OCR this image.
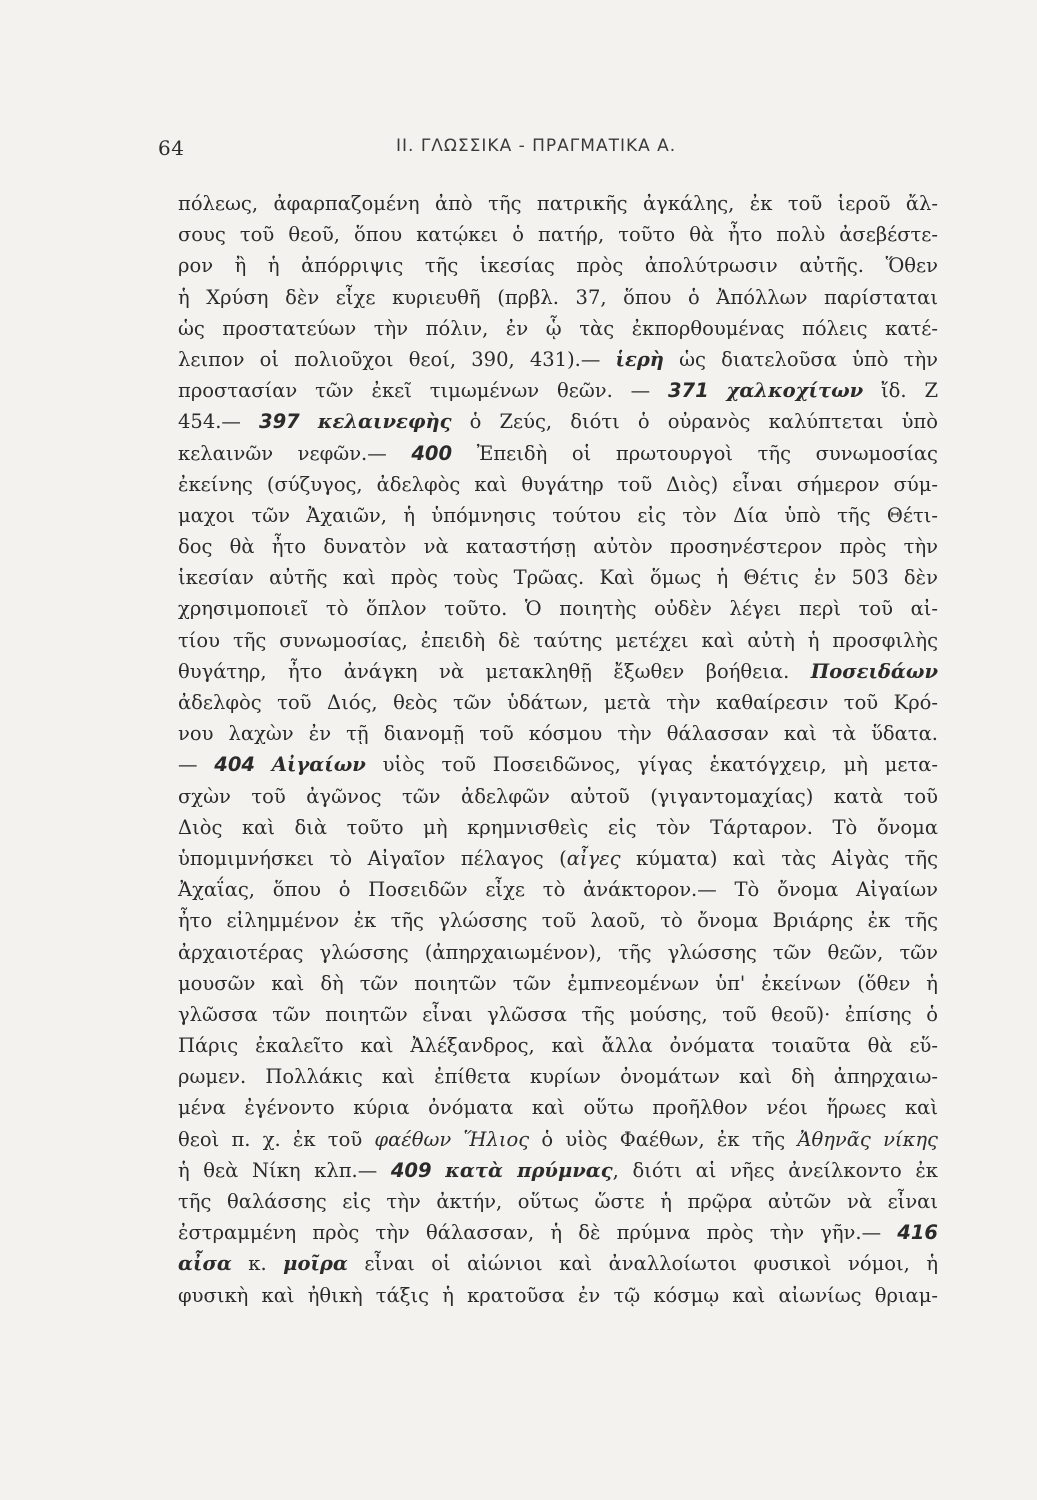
64	II. ΓΛΩΣΣΙΚΑ - ΠΡΑΓΜΑΤΙΚΑ Α.
πόλεως, ἀφαρπαζομένη ἀπὸ τῆς πατρικῆς ἀγκάλης, ἐκ τοῦ ἱεροῦ ἄλ-
σους τοῦ θεοῦ, ὅπου κατῴκει ὁ πατήρ, τοῦτο θὰ ἦτο πολὺ ἀσεβέστε-
ρον ἢ ἡ ἀπόρριψις τῆς ἱκεσίας πρὸς ἀπολύτρωσιν αὐτῆς. Ὅθεν
ἡ Χρύση δὲν εἶχε κυριευθῆ (πρβλ. 37, ὅπου ὁ Ἀπόλλων παρίσταται
ὡς προστατεύων τὴν πόλιν, ἐν ᾧ τὰς ἐκπορθουμένας πόλεις κατέ-
λειπον οἱ πολιοῦχοι θεοί, 390, 431).— ἱερὴ ὡς διατελοῦσα ὑπὸ τὴν
προστασίαν τῶν ἐκεῖ τιμωμένων θεῶν. — 371 χαλκοχίτων ἴδ. Ζ
454.— 397 κελαινεφὴς ὁ Ζεύς, διότι ὁ οὐρανὸς καλύπτεται ὑπὸ
κελαινῶν νεφῶν.— 400 Ἐπειδὴ οἱ πρωτουργοὶ τῆς συνωμοσίας
ἐκείνης (σύζυγος, ἀδελφὸς καὶ θυγάτηρ τοῦ Διὸς) εἶναι σήμερον σύμ-
μαχοι τῶν Ἀχαιῶν, ἡ ὑπόμνησις τούτου εἰς τὸν Δία ὑπὸ τῆς Θέτι-
δος θὰ ἦτο δυνατὸν νὰ καταστήσῃ αὐτὸν προσηνέστερον πρὸς τὴν
ἱκεσίαν αὐτῆς καὶ πρὸς τοὺς Τρῶας. Καὶ ὅμως ἡ Θέτις ἐν 503 δὲν
χρησιμοποιεῖ τὸ ὅπλον τοῦτο. Ὁ ποιητὴς οὐδὲν λέγει περὶ τοῦ αἰ-
τίου τῆς συνωμοσίας, ἐπειδὴ δὲ ταύτης μετέχει καὶ αὐτὴ ἡ προσφιλὴς
θυγάτηρ, ἦτο ἀνάγκη νὰ μετακληθῇ ἔξωθεν βοήθεια. Ποσειδάων
ἀδελφὸς τοῦ Διός, θεὸς τῶν ὑδάτων, μετὰ τὴν καθαίρεσιν τοῦ Κρό-
νου λαχὼν ἐν τῇ διανομῇ τοῦ κόσμου τὴν θάλασσαν καὶ τὰ ὕδατα.
— 404 Αἰγαίων υἱὸς τοῦ Ποσειδῶνος, γίγας ἑκατόγχειρ, μὴ μετα-
σχὼν τοῦ ἀγῶνος τῶν ἀδελφῶν αὐτοῦ (γιγαντομαχίας) κατὰ τοῦ
Διὸς καὶ διὰ τοῦτο μὴ κρημνισθεὶς εἰς τὸν Τάρταρον. Τὸ ὄνομα
ὑπομιμνήσκει τὸ Αἰγαῖον πέλαγος (αἶγες κύματα) καὶ τὰς Αἰγὰς τῆς
Ἀχαΐας, ὅπου ὁ Ποσειδῶν εἶχε τὸ ἀνάκτορον.— Τὸ ὄνομα Αἰγαίων
ἦτο εἰλημμένον ἐκ τῆς γλώσσης τοῦ λαοῦ, τὸ ὄνομα Βριάρης ἐκ τῆς
ἀρχαιοτέρας γλώσσης (ἀπηρχαιωμένον), τῆς γλώσσης τῶν θεῶν, τῶν
μουσῶν καὶ δὴ τῶν ποιητῶν τῶν ἐμπνεομένων ὑπ' ἐκείνων (ὅθεν ἡ
γλῶσσα τῶν ποιητῶν εἶναι γλῶσσα τῆς μούσης, τοῦ θεοῦ)· ἐπίσης ὁ
Πάρις ἐκαλεῖτο καὶ Ἀλέξανδρος, καὶ ἄλλα ὀνόματα τοιαῦτα θὰ εὕ-
ρωμεν. Πολλάκις καὶ ἐπίθετα κυρίων ὀνομάτων καὶ δὴ ἀπηρχαιω-
μένα ἐγένοντο κύρια ὀνόματα καὶ οὕτω προῆλθον νέοι ἥρωες καὶ
θεοὶ π. χ. ἐκ τοῦ φαέθων Ἥλιος ὁ υἱὸς Φαέθων, ἐκ τῆς Ἀθηνᾶς νίκης
ἡ θεὰ Νίκη κλπ.— 409 κατὰ πρύμνας, διότι αἱ νῆες ἀνείλκοντο ἐκ
τῆς θαλάσσης εἰς τὴν ἀκτήν, οὕτως ὥστε ἡ πρῷρα αὐτῶν νὰ εἶναι
ἐστραμμένη πρὸς τὴν θάλασσαν, ἡ δὲ πρύμνα πρὸς τὴν γῆν.— 416
αἶσα κ. μοῖρα εἶναι οἱ αἰώνιοι καὶ ἀναλλοίωτοι φυσικοὶ νόμοι, ἡ
φυσικὴ καὶ ἠθικὴ τάξις ἡ κρατοῦσα ἐν τῷ κόσμῳ καὶ αἰωνίως θριαμ-
